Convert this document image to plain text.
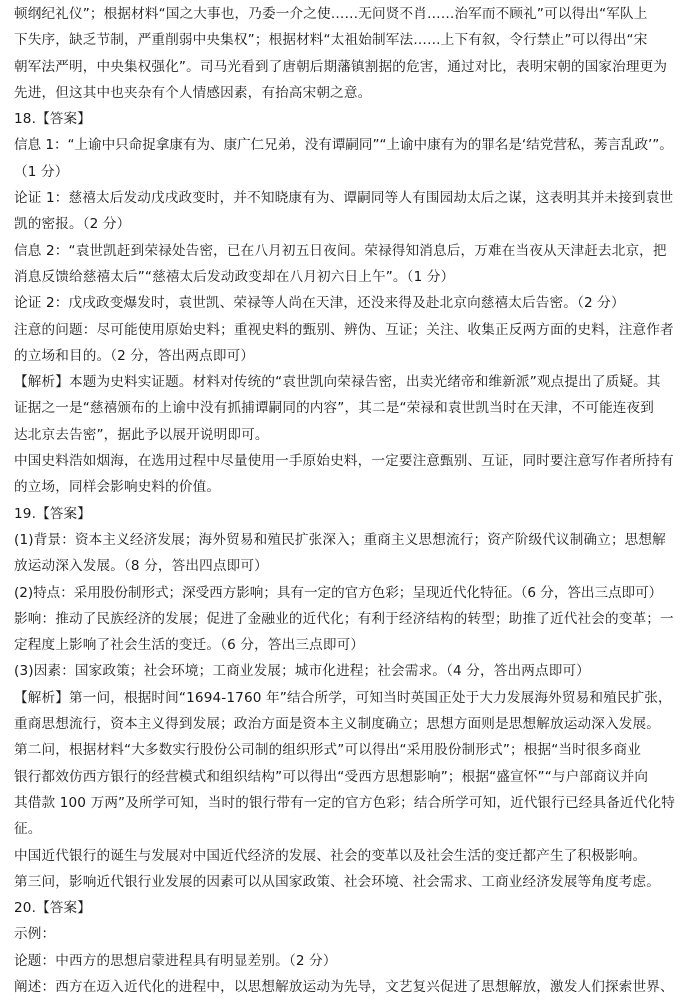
顿纲纪礼仪”；根据材料“国之大事也，乃委一介之使……无问贤不肖……治军而不顾礼”可以得出“军队上
下失序，缺乏节制，严重削弱中央集权”；根据材料“太祖始制军法……上下有叙，令行禁止”可以得出“宋
朝军法严明，中央集权强化”。司马光看到了唐朝后期藩镇割据的危害，通过对比，表明宋朝的国家治理更为
先进，但这其中也夹杂有个人情感因素，有抬高宋朝之意。
18.【答案】
信息 1：“上谕中只命捉拿康有为、康广仁兄弟，没有谭嗣同”“上谕中康有为的罪名是‘结党营私，莠言乱政’”。
（1 分）
论证 1：慈禧太后发动戊戌政变时，并不知晓康有为、谭嗣同等人有围园劫太后之谋，这表明其并未接到袁世
凯的密报。（2 分）
信息 2：“袁世凯赶到荣禄处告密，已在八月初五日夜间。荣禄得知消息后，万难在当夜从天津赶去北京，把
消息反馈给慈禧太后”“慈禧太后发动政变却在八月初六日上午”。（1 分）
论证 2：戊戌政变爆发时，袁世凯、荣禄等人尚在天津，还没来得及赴北京向慈禧太后告密。（2 分）
注意的问题：尽可能使用原始史料；重视史料的甄别、辨伪、互证；关注、收集正反两方面的史料，注意作者
的立场和目的。（2 分，答出两点即可）
【解析】本题为史料实证题。材料对传统的“袁世凯向荣禄告密，出卖光绪帝和维新派”观点提出了质疑。其
证据之一是“慈禧颁布的上谕中没有抓捕谭嗣同的内容”，其二是“荣禄和袁世凯当时在天津，不可能连夜到
达北京去告密”，据此予以展开说明即可。
中国史料浩如烟海，在选用过程中尽量使用一手原始史料，一定要注意甄别、互证，同时要注意写作者所持有
的立场，同样会影响史料的价值。
19.【答案】
(1)背景：资本主义经济发展；海外贸易和殖民扩张深入；重商主义思想流行；资产阶级代议制确立；思想解
放运动深入发展。（8 分，答出四点即可）
(2)特点：采用股份制形式；深受西方影响；具有一定的官方色彩；呈现近代化特征。（6 分，答出三点即可）
影响：推动了民族经济的发展；促进了金融业的近代化；有利于经济结构的转型；助推了近代社会的变革；一
定程度上影响了社会生活的变迁。（6 分，答出三点即可）
(3)因素：国家政策；社会环境；工商业发展；城市化进程；社会需求。（4 分，答出两点即可）
【解析】第一问，根据时间“1694-1760 年”结合所学，可知当时英国正处于大力发展海外贸易和殖民扩张，
重商思想流行，资本主义得到发展；政治方面是资本主义制度确立；思想方面则是思想解放运动深入发展。
第二问，根据材料“大多数实行股份公司制的组织形式”可以得出“采用股份制形式”；根据“当时很多商业
银行都效仿西方银行的经营模式和组织结构”可以得出“受西方思想影响”；根据“盛宣怀”“与户部商议并向
其借款 100 万两”及所学可知，当时的银行带有一定的官方色彩；结合所学可知，近代银行已经具备近代化特
征。
中国近代银行的诞生与发展对中国近代经济的发展、社会的变革以及社会生活的变迁都产生了积极影响。
第三问，影响近代银行业发展的因素可以从国家政策、社会环境、社会需求、工商业经济发展等角度考虑。
20.【答案】
示例：
论题：中西方的思想启蒙进程具有明显差别。（2 分）
阐述：西方在迈入近代化的进程中，以思想解放运动为先导，文艺复兴促进了思想解放，激发人们探索世界、
